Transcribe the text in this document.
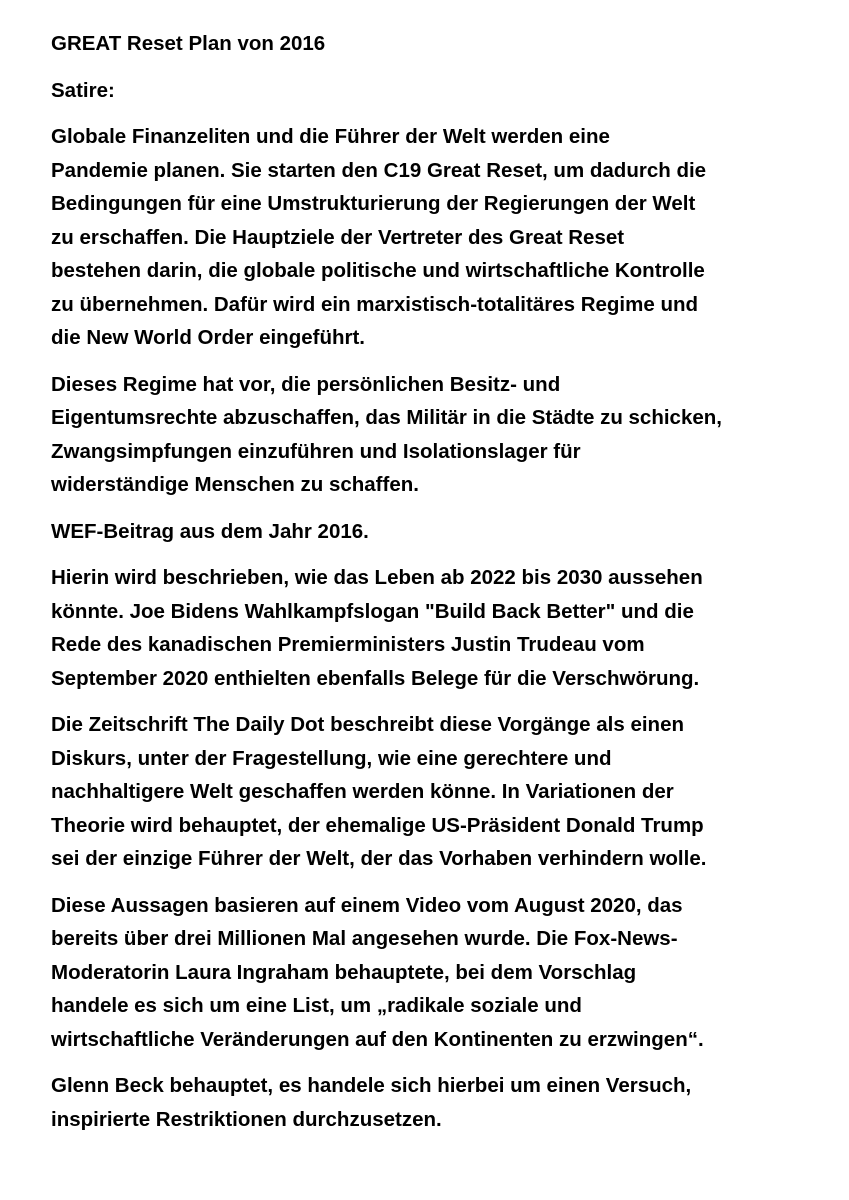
GREAT Reset Plan von 2016
Satire:
Globale Finanzeliten und die Führer der Welt werden eine
Pandemie planen. Sie starten den C19 Great Reset, um dadurch die
Bedingungen für eine Umstrukturierung der Regierungen der Welt
zu erschaffen. Die Hauptziele der Vertreter des Great Reset
bestehen darin, die globale politische und wirtschaftliche Kontrolle
zu übernehmen. Dafür wird ein marxistisch-totalitäres Regime und
die New World Order eingeführt.
Dieses Regime hat vor, die persönlichen Besitz- und
Eigentumsrechte abzuschaffen, das Militär in die Städte zu schicken,
Zwangsimpfungen einzuführen und Isolationslager für
widerständige Menschen zu schaffen.
WEF-Beitrag aus dem Jahr 2016.
Hierin wird beschrieben, wie das Leben ab 2022 bis 2030 aussehen
könnte. Joe Bidens Wahlkampfslogan "Build Back Better" und die
Rede des kanadischen Premierministers Justin Trudeau vom
September 2020 enthielten ebenfalls Belege für die Verschwörung.
Die Zeitschrift The Daily Dot beschreibt diese Vorgänge als einen
Diskurs, unter der Fragestellung, wie eine gerechtere und
nachhaltigere Welt geschaffen werden könne. In Variationen der
Theorie wird behauptet, der ehemalige US-Präsident Donald Trump
sei der einzige Führer der Welt, der das Vorhaben verhindern wolle.
Diese Aussagen basieren auf einem Video vom August 2020, das
bereits über drei Millionen Mal angesehen wurde. Die Fox-News-
Moderatorin Laura Ingraham behauptete, bei dem Vorschlag
handele es sich um eine List, um „radikale soziale und
wirtschaftliche Veränderungen auf den Kontinenten zu erzwingen“.
Glenn Beck behauptet, es handele sich hierbei um einen Versuch,
inspirierte Restriktionen durchzusetzen.
